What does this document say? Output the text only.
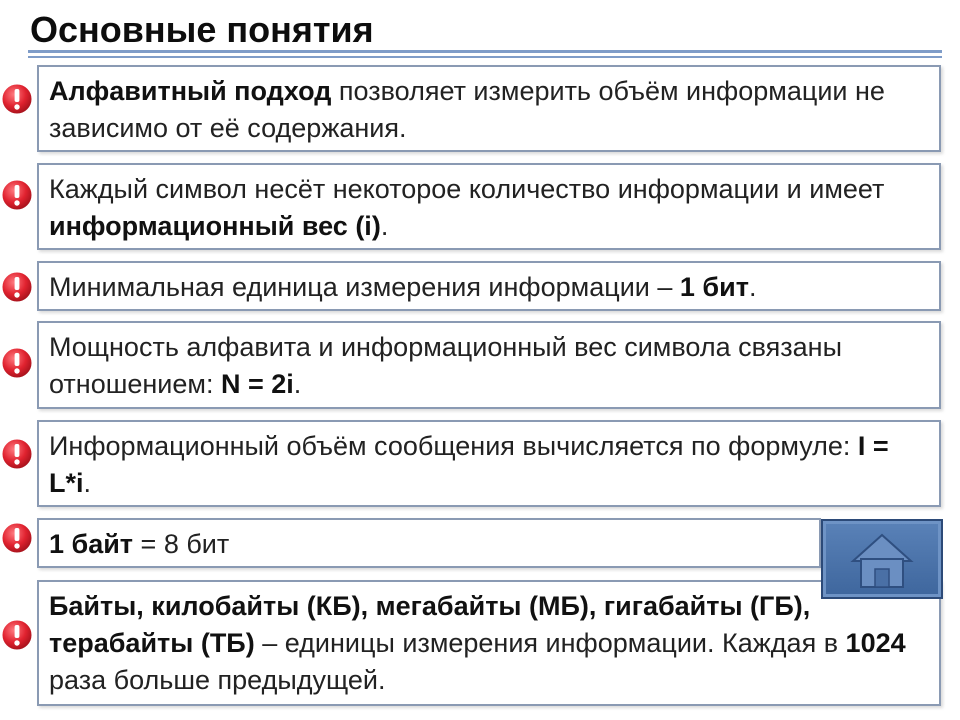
Основные понятия
Алфавитный подход позволяет измерить объём информации не зависимо от её содержания.
Каждый символ несёт некоторое количество информации и имеет информационный вес (i).
Минимальная единица измерения информации – 1 бит.
Мощность алфавита и информационный вес символа связаны отношением: N = 2i.
Информационный объём сообщения вычисляется по формуле: I = L*i.
1 байт = 8 бит
Байты, килобайты (КБ), мегабайты (МБ), гигабайты (ГБ), терабайты (ТБ) – единицы измерения информации. Каждая в 1024 раза больше предыдущей.
